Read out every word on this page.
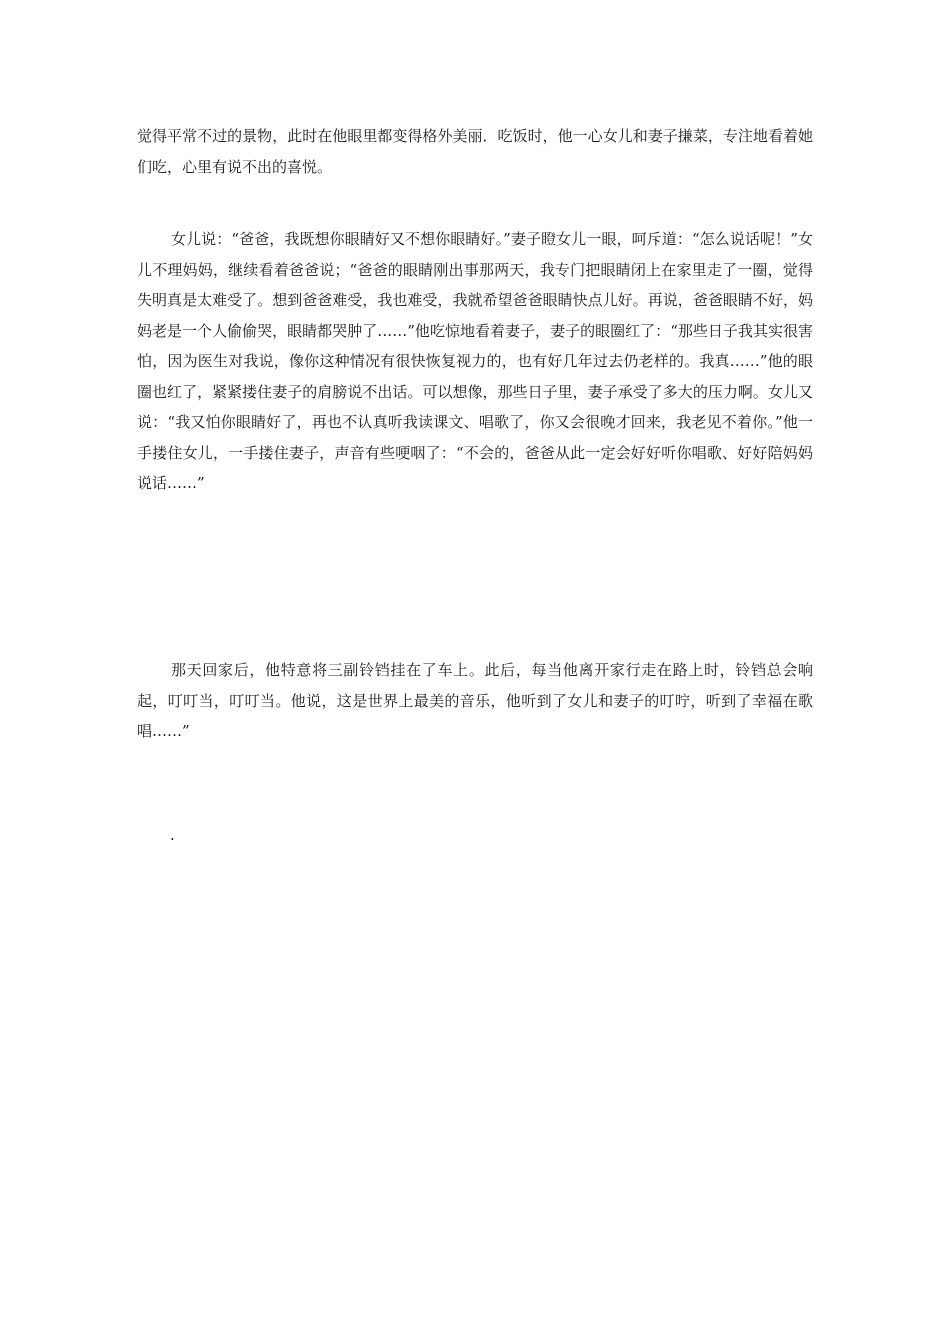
觉得平常不过的景物，此时在他眼里都变得格外美丽．吃饭时，他一心女儿和妻子搛菜，专注地看着她们吃，心里有说不出的喜悦。

女儿说：“爸爸，我既想你眼睛好又不想你眼睛好。”妻子瞪女儿一眼，呵斥道：“怎么说话呢！”女儿不理妈妈，继续看着爸爸说；“爸爸的眼睛刚出事那两天，我专门把眼睛闭上在家里走了一圈，觉得失明真是太难受了。想到爸爸难受，我也难受，我就希望爸爸眼睛快点儿好。再说，爸爸眼睛不好，妈妈老是一个人偷偷哭，眼睛都哭肿了……”他吃惊地看着妻子，妻子的眼圈红了：“那些日子我其实很害怕，因为医生对我说，像你这种情况有很快恢复视力的，也有好几年过去仍老样的。我真……”他的眼圈也红了，紧紧搂住妻子的肩膀说不出话。可以想像，那些日子里，妻子承受了多大的压力啊。女儿又说：“我又怕你眼睛好了，再也不认真听我读课文、唱歌了，你又会很晚才回来，我老见不着你。”他一手搂住女儿，一手搂住妻子，声音有些哽咽了：“不会的，爸爸从此一定会好好听你唱歌、好好陪妈妈说话……”

那天回家后，他特意将三副铃铛挂在了车上。此后，每当他离开家行走在路上时，铃铛总会响起，叮叮当，叮叮当。他说，这是世界上最美的音乐，他听到了女儿和妻子的叮咛，听到了幸福在歌唱……”

.
